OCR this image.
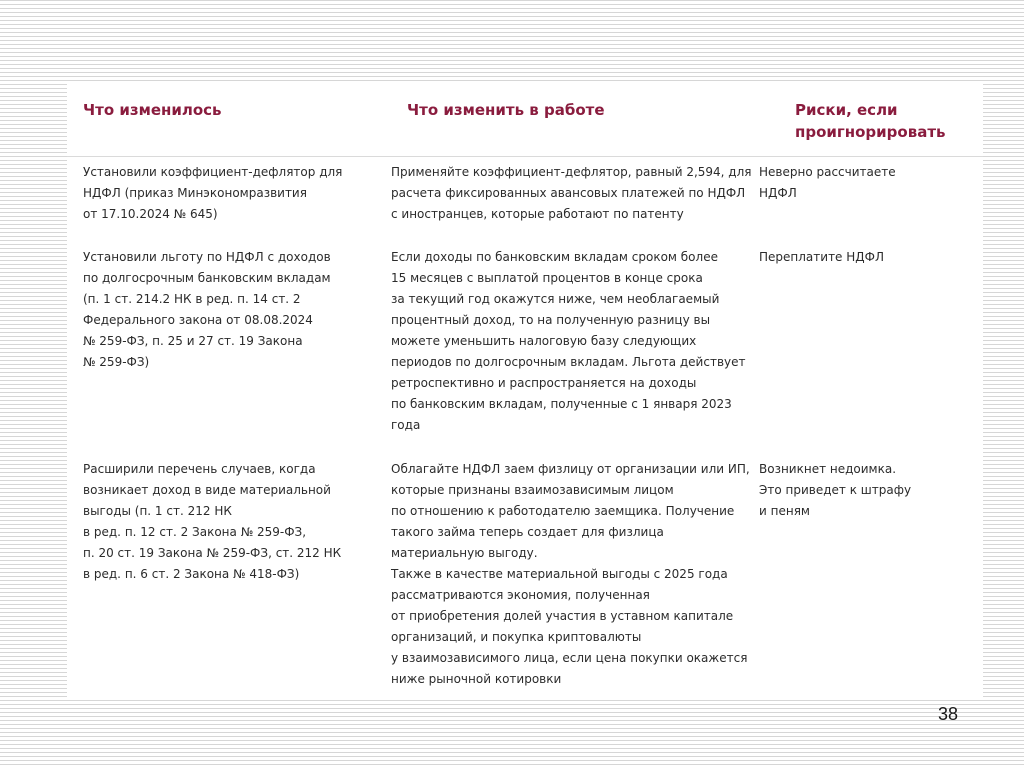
Что изменилось	Что изменить в работе	Риски, если
проигнорировать
Установили коэффициент-дефлятор для
НДФЛ (приказ Минэкономразвития
от 17.10.2024 № 645)
Применяйте коэффициент-дефлятор, равный 2,594, для
расчета фиксированных авансовых платежей по НДФЛ
с иностранцев, которые работают по патенту
Неверно рассчитаете
НДФЛ
Установили льготу по НДФЛ с доходов
по долгосрочным банковским вкладам
(п. 1 ст. 214.2 НК в ред. п. 14 ст. 2
Федерального закона от 08.08.2024
№ 259-ФЗ, п. 25 и 27 ст. 19 Закона
№ 259-ФЗ)
Если доходы по банковским вкладам сроком более
15 месяцев с выплатой процентов в конце срока
за текущий год окажутся ниже, чем необлагаемый
процентный доход, то на полученную разницу вы
можете уменьшить налоговую базу следующих
периодов по долгосрочным вкладам. Льгота действует
ретроспективно и распространяется на доходы
по банковским вкладам, полученные с 1 января 2023
года
Переплатите НДФЛ
Расширили перечень случаев, когда
возникает доход в виде материальной
выгоды (п. 1 ст. 212 НК
в ред. п. 12 ст. 2 Закона № 259-ФЗ,
п. 20 ст. 19 Закона № 259-ФЗ, ст. 212 НК
в ред. п. 6 ст. 2 Закона № 418-ФЗ)
Облагайте НДФЛ заем физлицу от организации или ИП,
которые признаны взаимозависимым лицом
по отношению к работодателю заемщика. Получение
такого займа теперь создает для физлица
материальную выгоду.
Также в качестве материальной выгоды с 2025 года
рассматриваются экономия, полученная
от приобретения долей участия в уставном капитале
организаций, и покупка криптовалюты
у взаимозависимого лица, если цена покупки окажется
ниже рыночной котировки
Возникнет недоимка.
Это приведет к штрафу
и пеням
38
